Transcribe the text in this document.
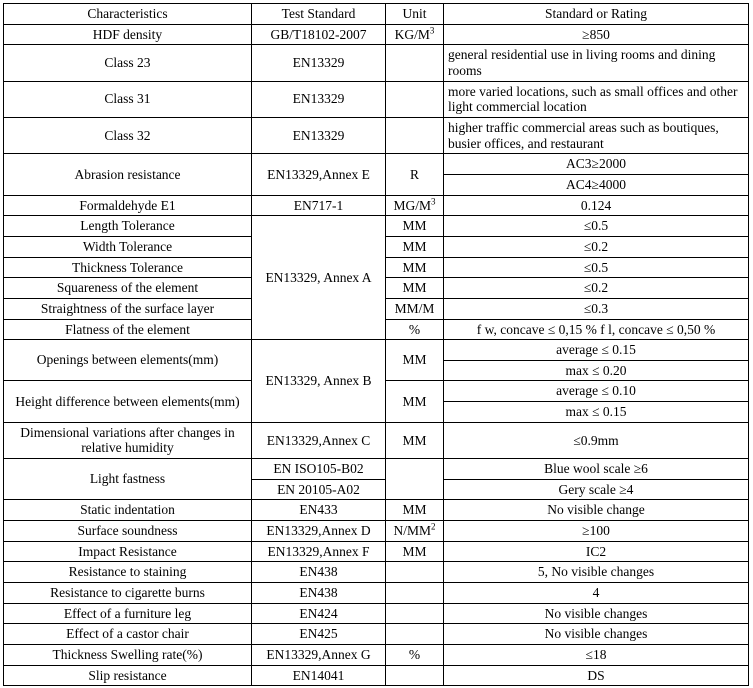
Characteristics	Test Standard	Unit	Standard or Rating
HDF density	GB/T18102-2007	$KG/M^3$	≥850
Class 23	EN13329		general residential use in living rooms and dining rooms
Class 31	EN13329		more varied locations, such as small offices and other light commercial location
Class 32	EN13329		higher traffic commercial areas such as boutiques, busier offices, and restaurant
Abrasion resistance	EN13329,Annex E	R	AC3≥2000
			AC4≥4000
Formaldehyde E1	EN717-1	$MG/M^3$	0.124
Length Tolerance	EN13329, Annex A	MM	≤0.5
Width Tolerance		MM	≤0.2
Thickness Tolerance		MM	≤0.5
Squareness of the element		MM	≤0.2
Straightness of the surface layer		MM/M	≤0.3
Flatness of the element		%	f w, concave ≤ 0,15 % f l, concave ≤ 0,50 %
Openings between elements(mm)	EN13329, Annex B	MM	average ≤ 0.15
			max ≤ 0.20
Height difference between elements(mm)		MM	average ≤ 0.10
			max ≤ 0.15
Dimensional variations after changes in relative humidity	EN13329,Annex C	MM	≤0.9mm
Light fastness	EN ISO105-B02		Blue wool scale ≥6
	EN 20105-A02		Gery scale ≥4
Static indentation	EN433	MM	No visible change
Surface soundness	EN13329,Annex D	$N/MM^2$	≥100
Impact Resistance	EN13329,Annex F	MM	IC2
Resistance to staining	EN438		5, No visible changes
Resistance to cigarette burns	EN438		4
Effect of a furniture leg	EN424		No visible changes
Effect of a castor chair	EN425		No visible changes
Thickness Swelling rate(%)	EN13329,Annex G	%	≤18
Slip resistance	EN14041		DS
